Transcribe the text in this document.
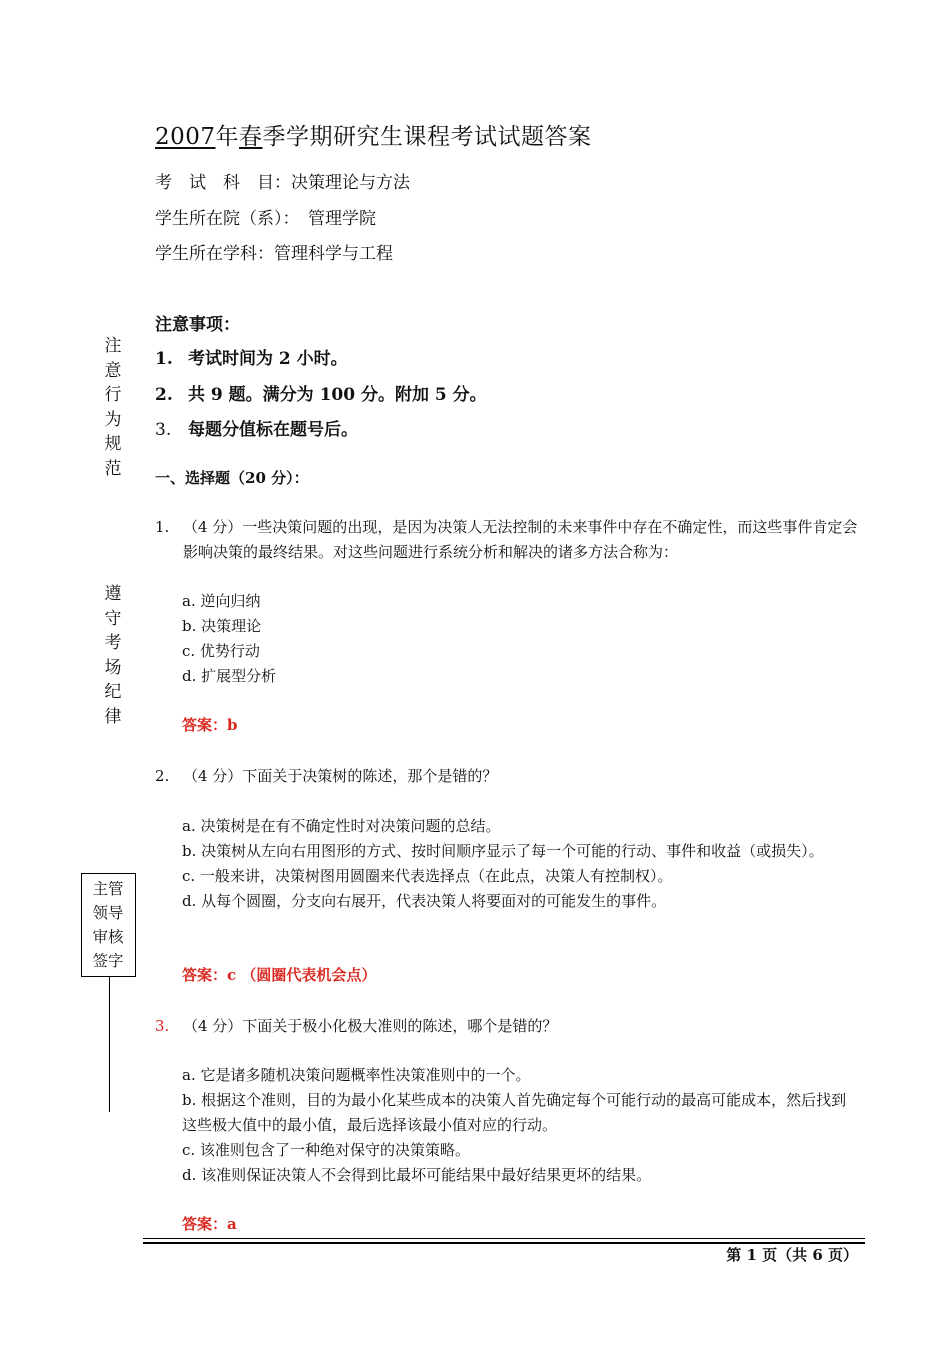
2007年春季学期研究生课程考试试题答案
考　试　科　目：决策理论与方法
学生所在院（系）：　管理学院
学生所在学科：管理科学与工程
注意事项：
1. 考试时间为 2 小时。
2. 共 9 题。满分为 100 分。附加 5 分。
3. 每题分值标在题号后。
注意行为规范
遵守考场纪律
主管领导审核签字
一、选择题（20 分）：
1. （4 分）一些决策问题的出现，是因为决策人无法控制的未来事件中存在不确定性，而这些事件肯定会影响决策的最终结果。对这些问题进行系统分析和解决的诸多方法合称为：
a. 逆向归纳
b. 决策理论
c. 优势行动
d. 扩展型分析
答案：b
2. （4 分）下面关于决策树的陈述，那个是错的？
a. 决策树是在有不确定性时对决策问题的总结。
b. 决策树从左向右用图形的方式、按时间顺序显示了每一个可能的行动、事件和收益（或损失）。
c. 一般来讲，决策树图用圆圈来代表选择点（在此点，决策人有控制权）。
d. 从每个圆圈，分支向右展开，代表决策人将要面对的可能发生的事件。
答案：c （圆圈代表机会点）
3. （4 分）下面关于极小化极大准则的陈述，哪个是错的？
a. 它是诸多随机决策问题概率性决策准则中的一个。
b. 根据这个准则，目的为最小化某些成本的决策人首先确定每个可能行动的最高可能成本，然后找到这些极大值中的最小值，最后选择该最小值对应的行动。
c. 该准则包含了一种绝对保守的决策策略。
d. 该准则保证决策人不会得到比最坏可能结果中最好结果更坏的结果。
答案：a
第 1 页（共 6 页）
